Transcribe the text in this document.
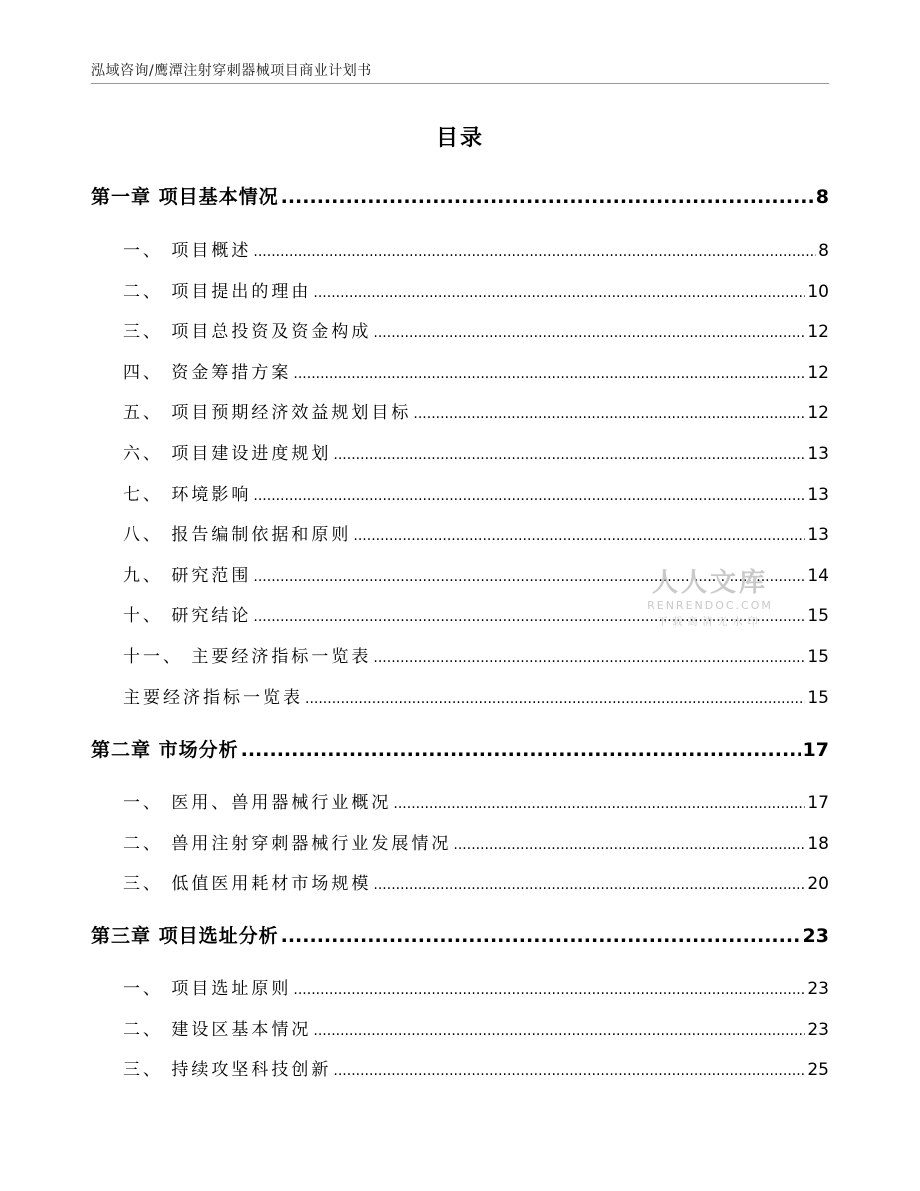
泓域咨询/鹰潭注射穿刺器械项目商业计划书
目录
第一章 项目基本情况 .....	8
一、 项目概述 .....	8
二、 项目提出的理由 .....	10
三、 项目总投资及资金构成 .....	12
四、 资金筹措方案 .....	12
五、 项目预期经济效益规划目标 .....	12
六、 项目建设进度规划 .....	13
七、 环境影响 .....	13
八、 报告编制依据和原则 .....	13
九、 研究范围 .....	14
十、 研究结论 .....	15
十一、 主要经济指标一览表 .....	15
主要经济指标一览表 .....	15
第二章 市场分析 .....	17
一、 医用、兽用器械行业概况 .....	17
二、 兽用注射穿刺器械行业发展情况 .....	18
三、 低值医用耗材市场规模 .....	20
第三章 项目选址分析 .....	23
一、 项目选址原则 .....	23
二、 建设区基本情况 .....	23
三、 持续攻坚科技创新 .....	25
人人文库
RENRENDOC.COM
下载高清无水印
